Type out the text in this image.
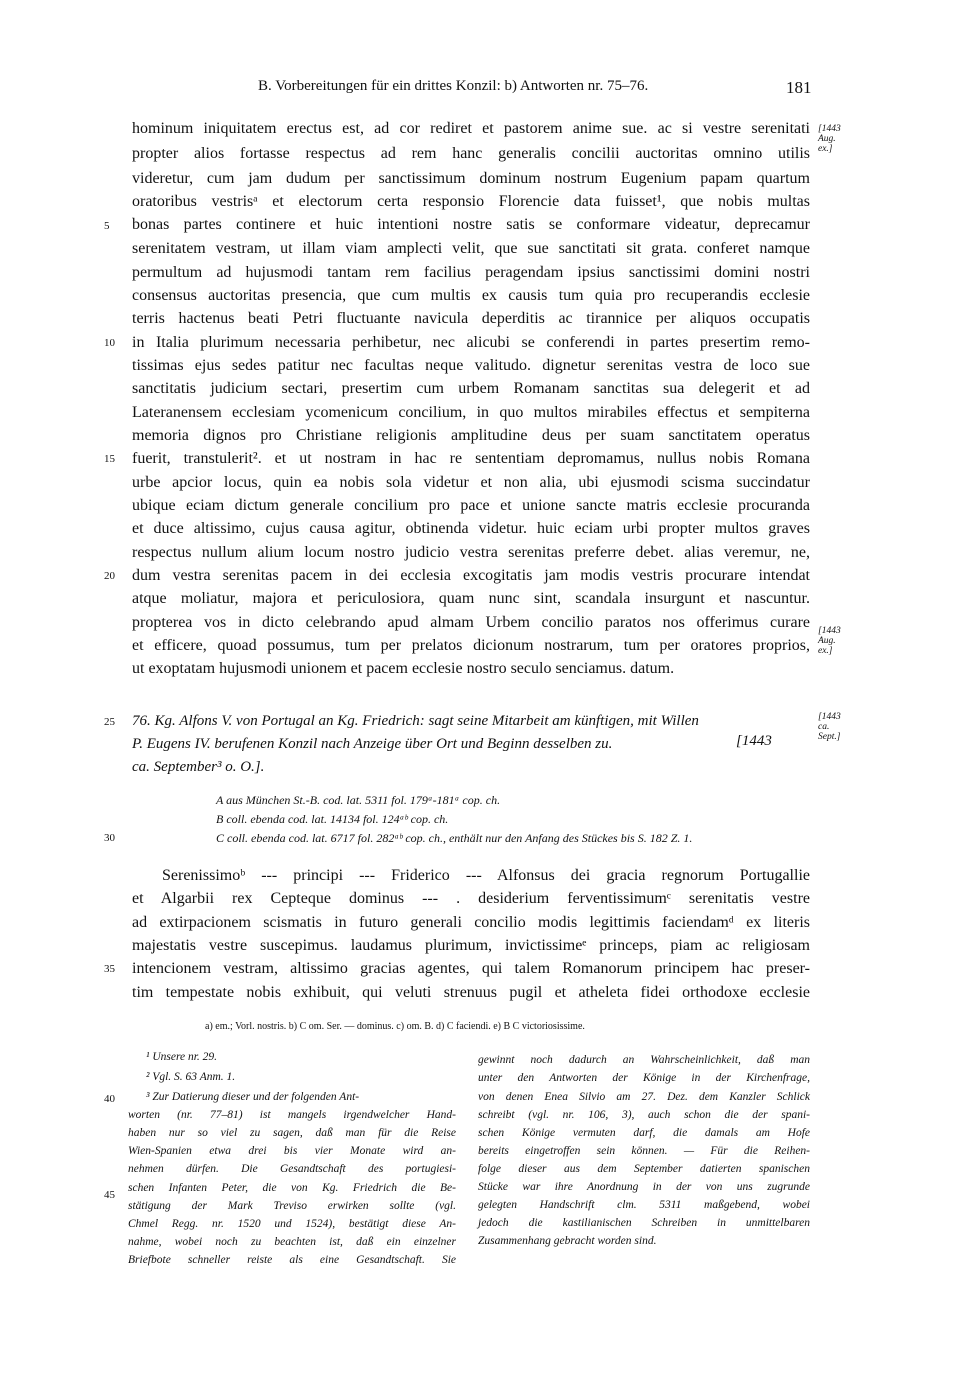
B. Vorbereitungen für ein drittes Konzil: b) Antworten nr. 75–76.	181
hominum iniquitatem erectus est, ad cor rediret et pastorem anime sue. ac si vestre serenitati
propter alios fortasse respectus ad rem hanc generalis concilii auctoritas omnino utilis
videretur, cum jam dudum per sanctissimum dominum nostrum Eugenium papam quartum
oratoribus vestrisᵃ et electorum certa responsio Florencie data fuisset¹, que nobis multas
bonas partes continere et huic intentioni nostre satis se conformare videatur, deprecamur
serenitatem vestram, ut illam viam amplecti velit, que sue sanctitati sit grata. conferet namque
permultum ad hujusmodi tantam rem facilius peragendam ipsius sanctissimi domini nostri
consensus auctoritas presencia, que cum multis ex causis tum quia pro recuperandis ecclesie
terris hactenus beati Petri fluctuante navicula deperditis ac tirannice per aliquos occupatis
in Italia plurimum necessaria perhibetur, nec alicubi se conferendi in partes presertim remo-
tissimas ejus sedes patitur nec facultas neque valitudo. dignetur serenitas vestra de loco sue
sanctitatis judicium sectari, presertim cum urbem Romanam sanctitas sua delegerit et ad
Lateranensem ecclesiam ycomenicum concilium, in quo multos mirabiles effectus et sempiterna
memoria dignos pro Christiane religionis amplitudine deus per suam sanctitatem operatus
fuerit, transtulerit². et ut nostram in hac re sententiam depromamus, nullus nobis Romana
urbe apcior locus, quin ea nobis sola videtur et non alia, ubi ejusmodi scisma succindatur
ubique eciam dictum generale concilium pro pace et unione sancte matris ecclesie procuranda
et duce altissimo, cujus causa agitur, obtinenda videtur. huic eciam urbi propter multos graves
respectus nullum alium locum nostro judicio vestra serenitas preferre debet. alias veremur, ne,
dum vestra serenitas pacem in dei ecclesia excogitatis jam modis vestris procurare intendat
atque moliatur, majora et periculosiora, quam nunc sint, scandala insurgunt et nascuntur.
propterea vos in dicto celebrando apud almam Urbem concilio paratos nos offerimus curare
et efficere, quoad possumus, tum per prelatos dicionum nostrarum, tum per oratores proprios,
ut exoptatam hujusmodi unionem et pacem ecclesie nostro seculo senciamus. datum.
5
10
15
20
25
30
35
40
45
[1443
Aug.
ex.]
[1443
Aug.
ex.]
[1443
ca.
Sept.]
76. Kg. Alfons V. von Portugal an Kg. Friedrich: sagt seine Mitarbeit am künftigen, mit Willen
P. Eugens IV. berufenen Konzil nach Anzeige über Ort und Beginn desselben zu.	[1443
ca. September³ o. O.].
A aus München St.-B. cod. lat. 5311 fol. 179ᵃ-181ᵃ cop. ch.
B coll. ebenda cod. lat. 14134 fol. 124ᵃᵇ cop. ch.
C coll. ebenda cod. lat. 6717 fol. 282ᵃᵇ cop. ch., enthält nur den Anfang des Stückes bis S. 182 Z. 1.
Serenissimoᵇ --- principi --- Friderico --- Alfonsus dei gracia regnorum Portugallie
et Algarbii rex Cepteque dominus --- . desiderium ferventissimumᶜ serenitatis vestre
ad extirpacionem scismatis in futuro generali concilio modis legittimis faciendamᵈ ex literis
majestatis vestre suscepimus. laudamus plurimum, invictissimeᵉ princeps, piam ac religiosam
intencionem vestram, altissimo gracias agentes, qui talem Romanorum principem hac preser-
tim tempestate nobis exhibuit, qui veluti strenuus pugil et atheleta fidei orthodoxe ecclesie
a) em.; Vorl. nostris. b) C om. Ser. — dominus. c) om. B. d) C faciendi. e) B C victoriosissime.
¹ Unsere nr. 29.
² Vgl. S. 63 Anm. 1.
³ Zur Datierung dieser und der folgenden Ant-
worten (nr. 77–81) ist mangels irgendwelcher Hand-
haben nur so viel zu sagen, daß man für die Reise
Wien-Spanien etwa drei bis vier Monate wird an-
nehmen dürfen. Die Gesandtschaft des portugiesi-
schen Infanten Peter, die von Kg. Friedrich die Be-
stätigung der Mark Treviso erwirken sollte (vgl.
Chmel Regg. nr. 1520 und 1524), bestätigt diese An-
nahme, wobei noch zu beachten ist, daß ein einzelner
Briefbote schneller reiste als eine Gesandtschaft. Sie
gewinnt noch dadurch an Wahrscheinlichkeit, daß man
unter den Antworten der Könige in der Kirchenfrage,
von denen Enea Silvio am 27. Dez. dem Kanzler Schlick
schreibt (vgl. nr. 106, 3), auch schon die der spani-
schen Könige vermuten darf, die damals am Hofe
bereits eingetroffen sein können. — Für die Reihen-
folge dieser aus dem September datierten spanischen
Stücke war ihre Anordnung in der von uns zugrunde
gelegten Handschrift clm. 5311 maßgebend, wobei
jedoch die kastilianischen Schreiben in unmittelbaren
Zusammenhang gebracht worden sind.
